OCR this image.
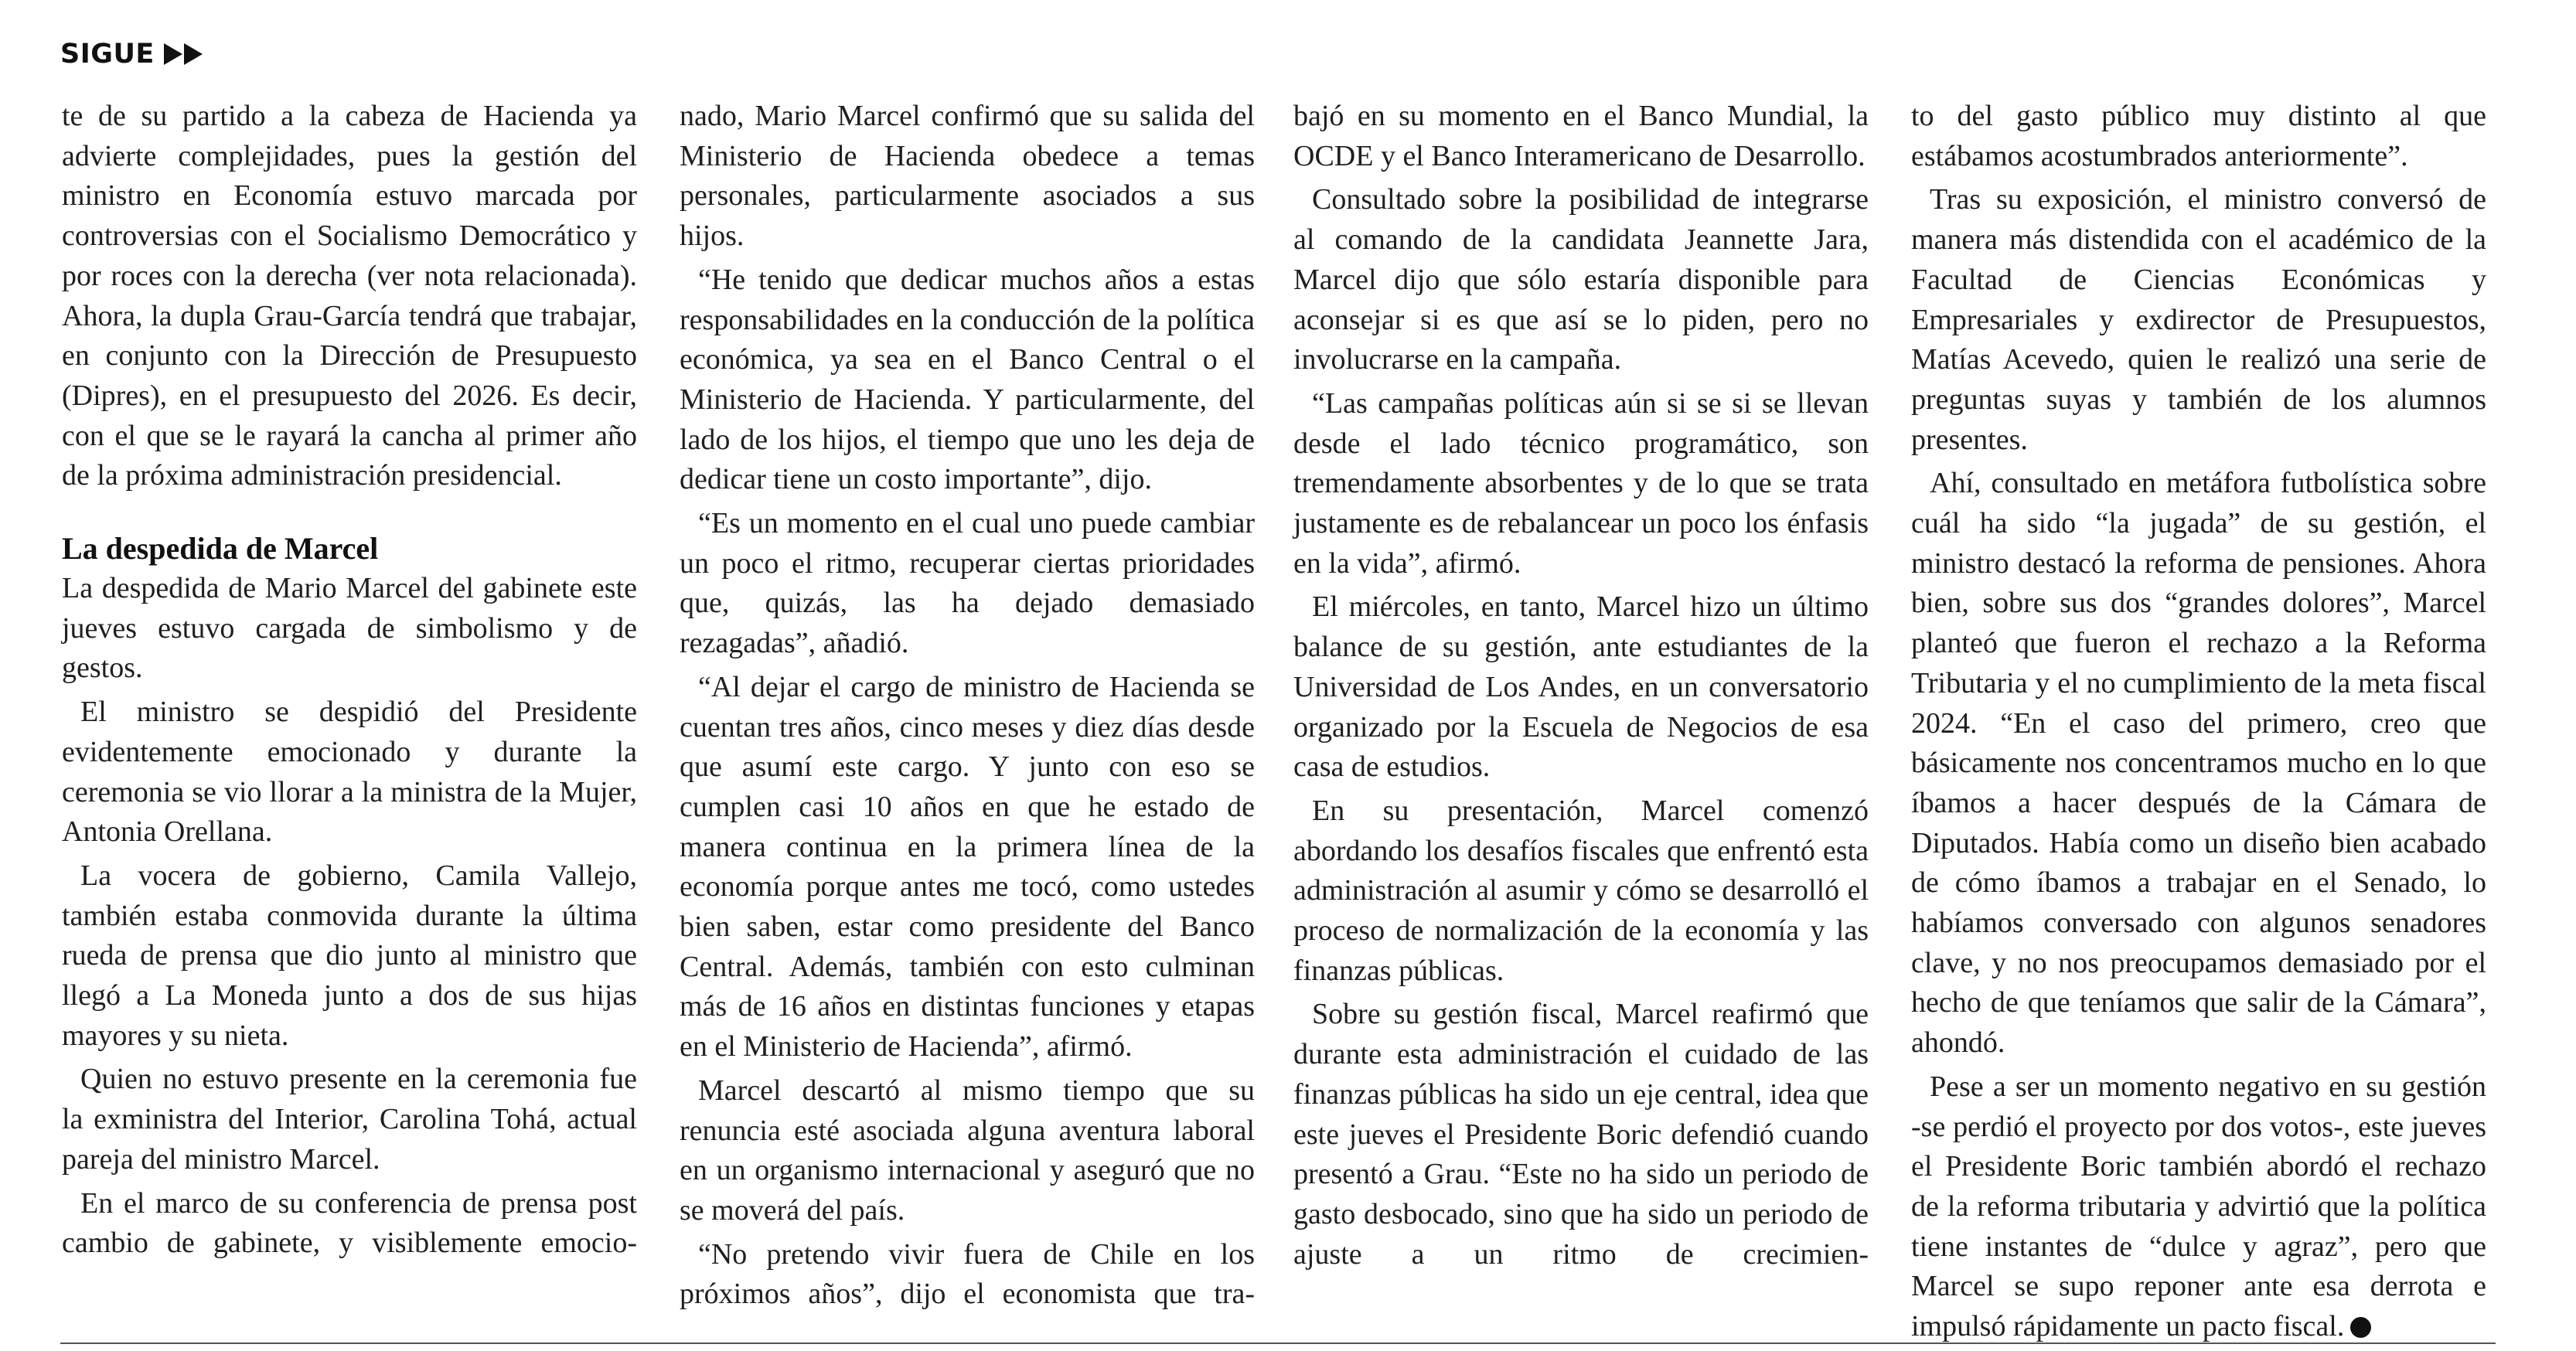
SIGUE

te de su partido a la cabeza de Hacienda ya advierte complejidades, pues la gestión del ministro en Economía estuvo marcada por controversias con el Socialismo Democrático y por roces con la derecha (ver nota relacionada). Ahora, la dupla Grau-García tendrá que trabajar, en conjunto con la Dirección de Presupuesto (Dipres), en el presupuesto del 2026. Es decir, con el que se le rayará la cancha al primer año de la próxima administración presidencial.

La despedida de Marcel

La despedida de Mario Marcel del gabinete este jueves estuvo cargada de simbolismo y de gestos.

El ministro se despidió del Presidente evidentemente emocionado y durante la ceremonia se vio llorar a la ministra de la Mujer, Antonia Orellana.

La vocera de gobierno, Camila Vallejo, también estaba conmovida durante la última rueda de prensa que dio junto al ministro que llegó a La Moneda junto a dos de sus hijas mayores y su nieta.

Quien no estuvo presente en la ceremonia fue la exministra del Interior, Carolina Tohá, actual pareja del ministro Marcel.

En el marco de su conferencia de prensa post cambio de gabinete, y visiblemente emocio-

nado, Mario Marcel confirmó que su salida del Ministerio de Hacienda obedece a temas personales, particularmente asociados a sus hijos.

“He tenido que dedicar muchos años a estas responsabilidades en la conducción de la política económica, ya sea en el Banco Central o el Ministerio de Hacienda. Y particularmente, del lado de los hijos, el tiempo que uno les deja de dedicar tiene un costo importante”, dijo.

“Es un momento en el cual uno puede cambiar un poco el ritmo, recuperar ciertas prioridades que, quizás, las ha dejado demasiado rezagadas”, añadió.

“Al dejar el cargo de ministro de Hacienda se cuentan tres años, cinco meses y diez días desde que asumí este cargo. Y junto con eso se cumplen casi 10 años en que he estado de manera continua en la primera línea de la economía porque antes me tocó, como ustedes bien saben, estar como presidente del Banco Central. Además, también con esto culminan más de 16 años en distintas funciones y etapas en el Ministerio de Hacienda”, afirmó.

Marcel descartó al mismo tiempo que su renuncia esté asociada alguna aventura laboral en un organismo internacional y aseguró que no se moverá del país.

“No pretendo vivir fuera de Chile en los próximos años”, dijo el economista que tra-

bajó en su momento en el Banco Mundial, la OCDE y el Banco Interamericano de Desarrollo.

Consultado sobre la posibilidad de integrarse al comando de la candidata Jeannette Jara, Marcel dijo que sólo estaría disponible para aconsejar si es que así se lo piden, pero no involucrarse en la campaña.

“Las campañas políticas aún si se si se llevan desde el lado técnico programático, son tremendamente absorbentes y de lo que se trata justamente es de rebalancear un poco los énfasis en la vida”, afirmó.

El miércoles, en tanto, Marcel hizo un último balance de su gestión, ante estudiantes de la Universidad de Los Andes, en un conversatorio organizado por la Escuela de Negocios de esa casa de estudios.

En su presentación, Marcel comenzó abordando los desafíos fiscales que enfrentó esta administración al asumir y cómo se desarrolló el proceso de normalización de la economía y las finanzas públicas.

Sobre su gestión fiscal, Marcel reafirmó que durante esta administración el cuidado de las finanzas públicas ha sido un eje central, idea que este jueves el Presidente Boric defendió cuando presentó a Grau. “Este no ha sido un periodo de gasto desbocado, sino que ha sido un periodo de ajuste a un ritmo de crecimien-

to del gasto público muy distinto al que estábamos acostumbrados anteriormente”.

Tras su exposición, el ministro conversó de manera más distendida con el académico de la Facultad de Ciencias Económicas y Empresariales y exdirector de Presupuestos, Matías Acevedo, quien le realizó una serie de preguntas suyas y también de los alumnos presentes.

Ahí, consultado en metáfora futbolística sobre cuál ha sido “la jugada” de su gestión, el ministro destacó la reforma de pensiones. Ahora bien, sobre sus dos “grandes dolores”, Marcel planteó que fueron el rechazo a la Reforma Tributaria y el no cumplimiento de la meta fiscal 2024. “En el caso del primero, creo que básicamente nos concentramos mucho en lo que íbamos a hacer después de la Cámara de Diputados. Había como un diseño bien acabado de cómo íbamos a trabajar en el Senado, lo habíamos conversado con algunos senadores clave, y no nos preocupamos demasiado por el hecho de que teníamos que salir de la Cámara”, ahondó.

Pese a ser un momento negativo en su gestión -se perdió el proyecto por dos votos-, este jueves el Presidente Boric también abordó el rechazo de la reforma tributaria y advirtió que la política tiene instantes de “dulce y agraz”, pero que Marcel se supo reponer ante esa derrota e impulsó rápidamente un pacto fiscal.
